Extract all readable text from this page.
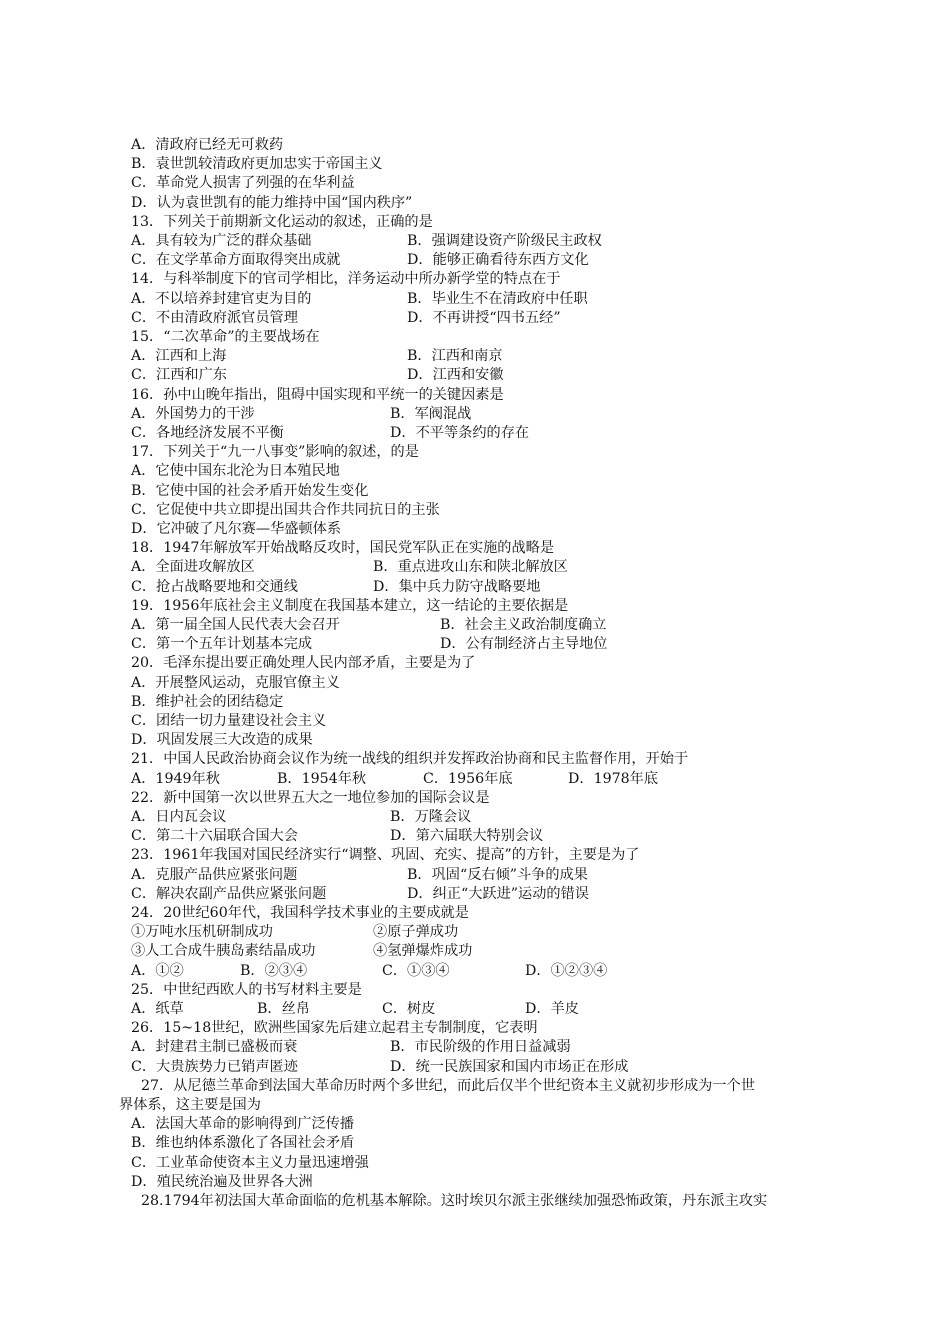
A．清政府已经无可救药
B．袁世凯较清政府更加忠实于帝国主义
C．革命党人损害了列强的在华利益
D．认为袁世凯有的能力维持中国“国内秩序”
13．下列关于前期新文化运动的叙述，正确的是
A．具有较为广泛的群众基础	B．强调建设资产阶级民主政权
C．在文学革命方面取得突出成就	D．能够正确看待东西方文化
14．与科举制度下的官司学相比，洋务运动中所办新学堂的特点在于
A．不以培养封建官吏为目的	B．毕业生不在清政府中任职
C．不由清政府派官员管理	D．不再讲授“四书五经”
15．“二次革命”的主要战场在
A．江西和上海	B．江西和南京
C．江西和广东	D．江西和安徽
16．孙中山晚年指出，阻碍中国实现和平统一的关键因素是
A．外国势力的干涉	B．军阀混战
C．各地经济发展不平衡	D．不平等条约的存在
17．下列关于“九一八事变”影响的叙述，的是
A．它使中国东北沦为日本殖民地
B．它使中国的社会矛盾开始发生变化
C．它促使中共立即提出国共合作共同抗日的主张
D．它冲破了凡尔赛—华盛顿体系
18．1947年解放军开始战略反攻时，国民党军队正在实施的战略是
A．全面进攻解放区	B．重点进攻山东和陕北解放区
C．抢占战略要地和交通线	D．集中兵力防守战略要地
19．1956年底社会主义制度在我国基本建立，这一结论的主要依据是
A．第一届全国人民代表大会召开	B．社会主义政治制度确立
C．第一个五年计划基本完成	D．公有制经济占主导地位
20．毛泽东提出要正确处理人民内部矛盾，主要是为了
A．开展整风运动，克服官僚主义
B．维护社会的团结稳定
C．团结一切力量建设社会主义
D．巩固发展三大改造的成果
21．中国人民政治协商会议作为统一战线的组织并发挥政治协商和民主监督作用，开始于
A．1949年秋	B．1954年秋	C．1956年底	D．1978年底
22．新中国第一次以世界五大之一地位参加的国际会议是
A．日内瓦会议	B．万隆会议
C．第二十六届联合国大会	D．第六届联大特别会议
23．1961年我国对国民经济实行“调整、巩固、充实、提高”的方针，主要是为了
A．克服产品供应紧张问题	B．巩固“反右倾”斗争的成果
C．解决农副产品供应紧张问题	D．纠正“大跃进”运动的错误
24．20世纪60年代，我国科学技术事业的主要成就是
①万吨水压机研制成功	②原子弹成功
③人工合成牛胰岛素结晶成功	④氢弹爆炸成功
A．①②	B．②③④	C．①③④	D．①②③④
25．中世纪西欧人的书写材料主要是
A．纸草	B．丝帛	C．树皮	D．羊皮
26．15~18世纪，欧洲些国家先后建立起君主专制制度，它表明
A．封建君主制已盛极而衰	B．市民阶级的作用日益减弱
C．大贵族势力已销声匿迹	D．统一民族国家和国内市场正在形成
27．从尼德兰革命到法国大革命历时两个多世纪，而此后仅半个世纪资本主义就初步形成为一个世
界体系，这主要是国为
A．法国大革命的影响得到广泛传播
B．维也纳体系激化了各国社会矛盾
C．工业革命使资本主义力量迅速增强
D．殖民统治遍及世界各大洲
28.1794年初法国大革命面临的危机基本解除。这时埃贝尔派主张继续加强恐怖政策，丹东派主攻实
